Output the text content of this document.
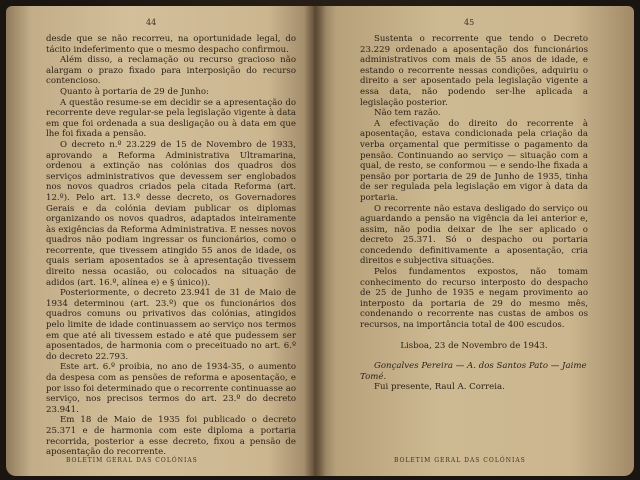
44

desde que se não recorreu, na oportunidade legal, do tácito indeferimento que o mesmo despacho confirmou.

Além disso, a reclamação ou recurso gracioso não alargam o prazo fixado para interposição do recurso contencioso.

Quanto à portaria de 29 de Junho:

A questão resume-se em decidir se a apresentação do recorrente deve regular-se pela legislação vigente à data em que foi ordenada a sua desligação ou à data em que lhe foi fixada a pensão.

O decreto n.º 23.229 de 15 de Novembro de 1933, aprovando a Reforma Administrativa Ultramarina, ordenou a extinção nas colónias dos quadros dos serviços administrativos que devessem ser englobados nos novos quadros criados pela citada Reforma (art. 12.º). Pelo art. 13.º desse decreto, os Governadores Gerais e da colónia deviam publicar os diplomas organizando os novos quadros, adaptados inteiramente às exigências da Reforma Administrativa. E nesses novos quadros não podiam ingressar os funcionários, como o recorrente, que tivessem atingido 55 anos de idade, os quais seriam aposentados se à apresentação tivessem direito nessa ocasião, ou colocados na situação de adidos (art. 16.º, alínea e) e § único)).

Posteriormente, o decreto 23.941 de 31 de Maio de 1934 determinou (art. 23.º) que os funcionários dos quadros comuns ou privativos das colónias, atingidos pelo limite de idade continuassem ao serviço nos termos em que até ali tivessem estado e até que pudessem ser aposentados, de harmonia com o preceituado no art. 6.º do decreto 22.793.

Este art. 6.º proibia, no ano de 1934-35, o aumento da despesa com as pensões de reforma e aposentação, e por isso foi determinado que o recorrente continuasse ao serviço, nos precisos termos do art. 23.º do decreto 23.941.

Em 18 de Maio de 1935 foi publicado o decreto 25.371 e de harmonia com este diploma a portaria recorrida, posterior a esse decreto, fixou a pensão de aposentação do recorrente.

BOLETIM GERAL DAS COLÓNIAS
45

Sustenta o recorrente que tendo o Decreto 23.229 ordenado a aposentação dos funcionários administrativos com mais de 55 anos de idade, e estando o recorrente nessas condições, adquiriu o direito a ser aposentado pela legislação vigente a essa data, não podendo ser-lhe aplicada a legislação posterior.

Não tem razão.

A efectivação do direito do recorrente à aposentação, estava condicionada pela criação da verba orçamental que permitisse o pagamento da pensão. Continuando ao serviço — situação com a qual, de resto, se conformou — e sendo-lhe fixada a pensão por portaria de 29 de Junho de 1935, tinha de ser regulada pela legislação em vigor à data da portaria.

O recorrente não estava desligado do serviço ou aguardando a pensão na vigência da lei anterior e, assim, não podia deixar de lhe ser aplicado o decreto 25.371. Só o despacho ou portaria concedendo definitivamente a aposentação, cria direitos e subjectiva situações.

Pelos fundamentos expostos, não tomam conhecimento do recurso interposto do despacho de 25 de Junho de 1935 e negam provimento ao interposto da portaria de 29 do mesmo mês, condenando o recorrente nas custas de ambos os recursos, na importância total de 400 escudos.

Lisboa, 23 de Novembro de 1943.

Gonçalves Pereira — A. dos Santos Pato — Jaime Tomé.

Fui presente, Raul A. Correia.

BOLETIM GERAL DAS COLÓNIAS
